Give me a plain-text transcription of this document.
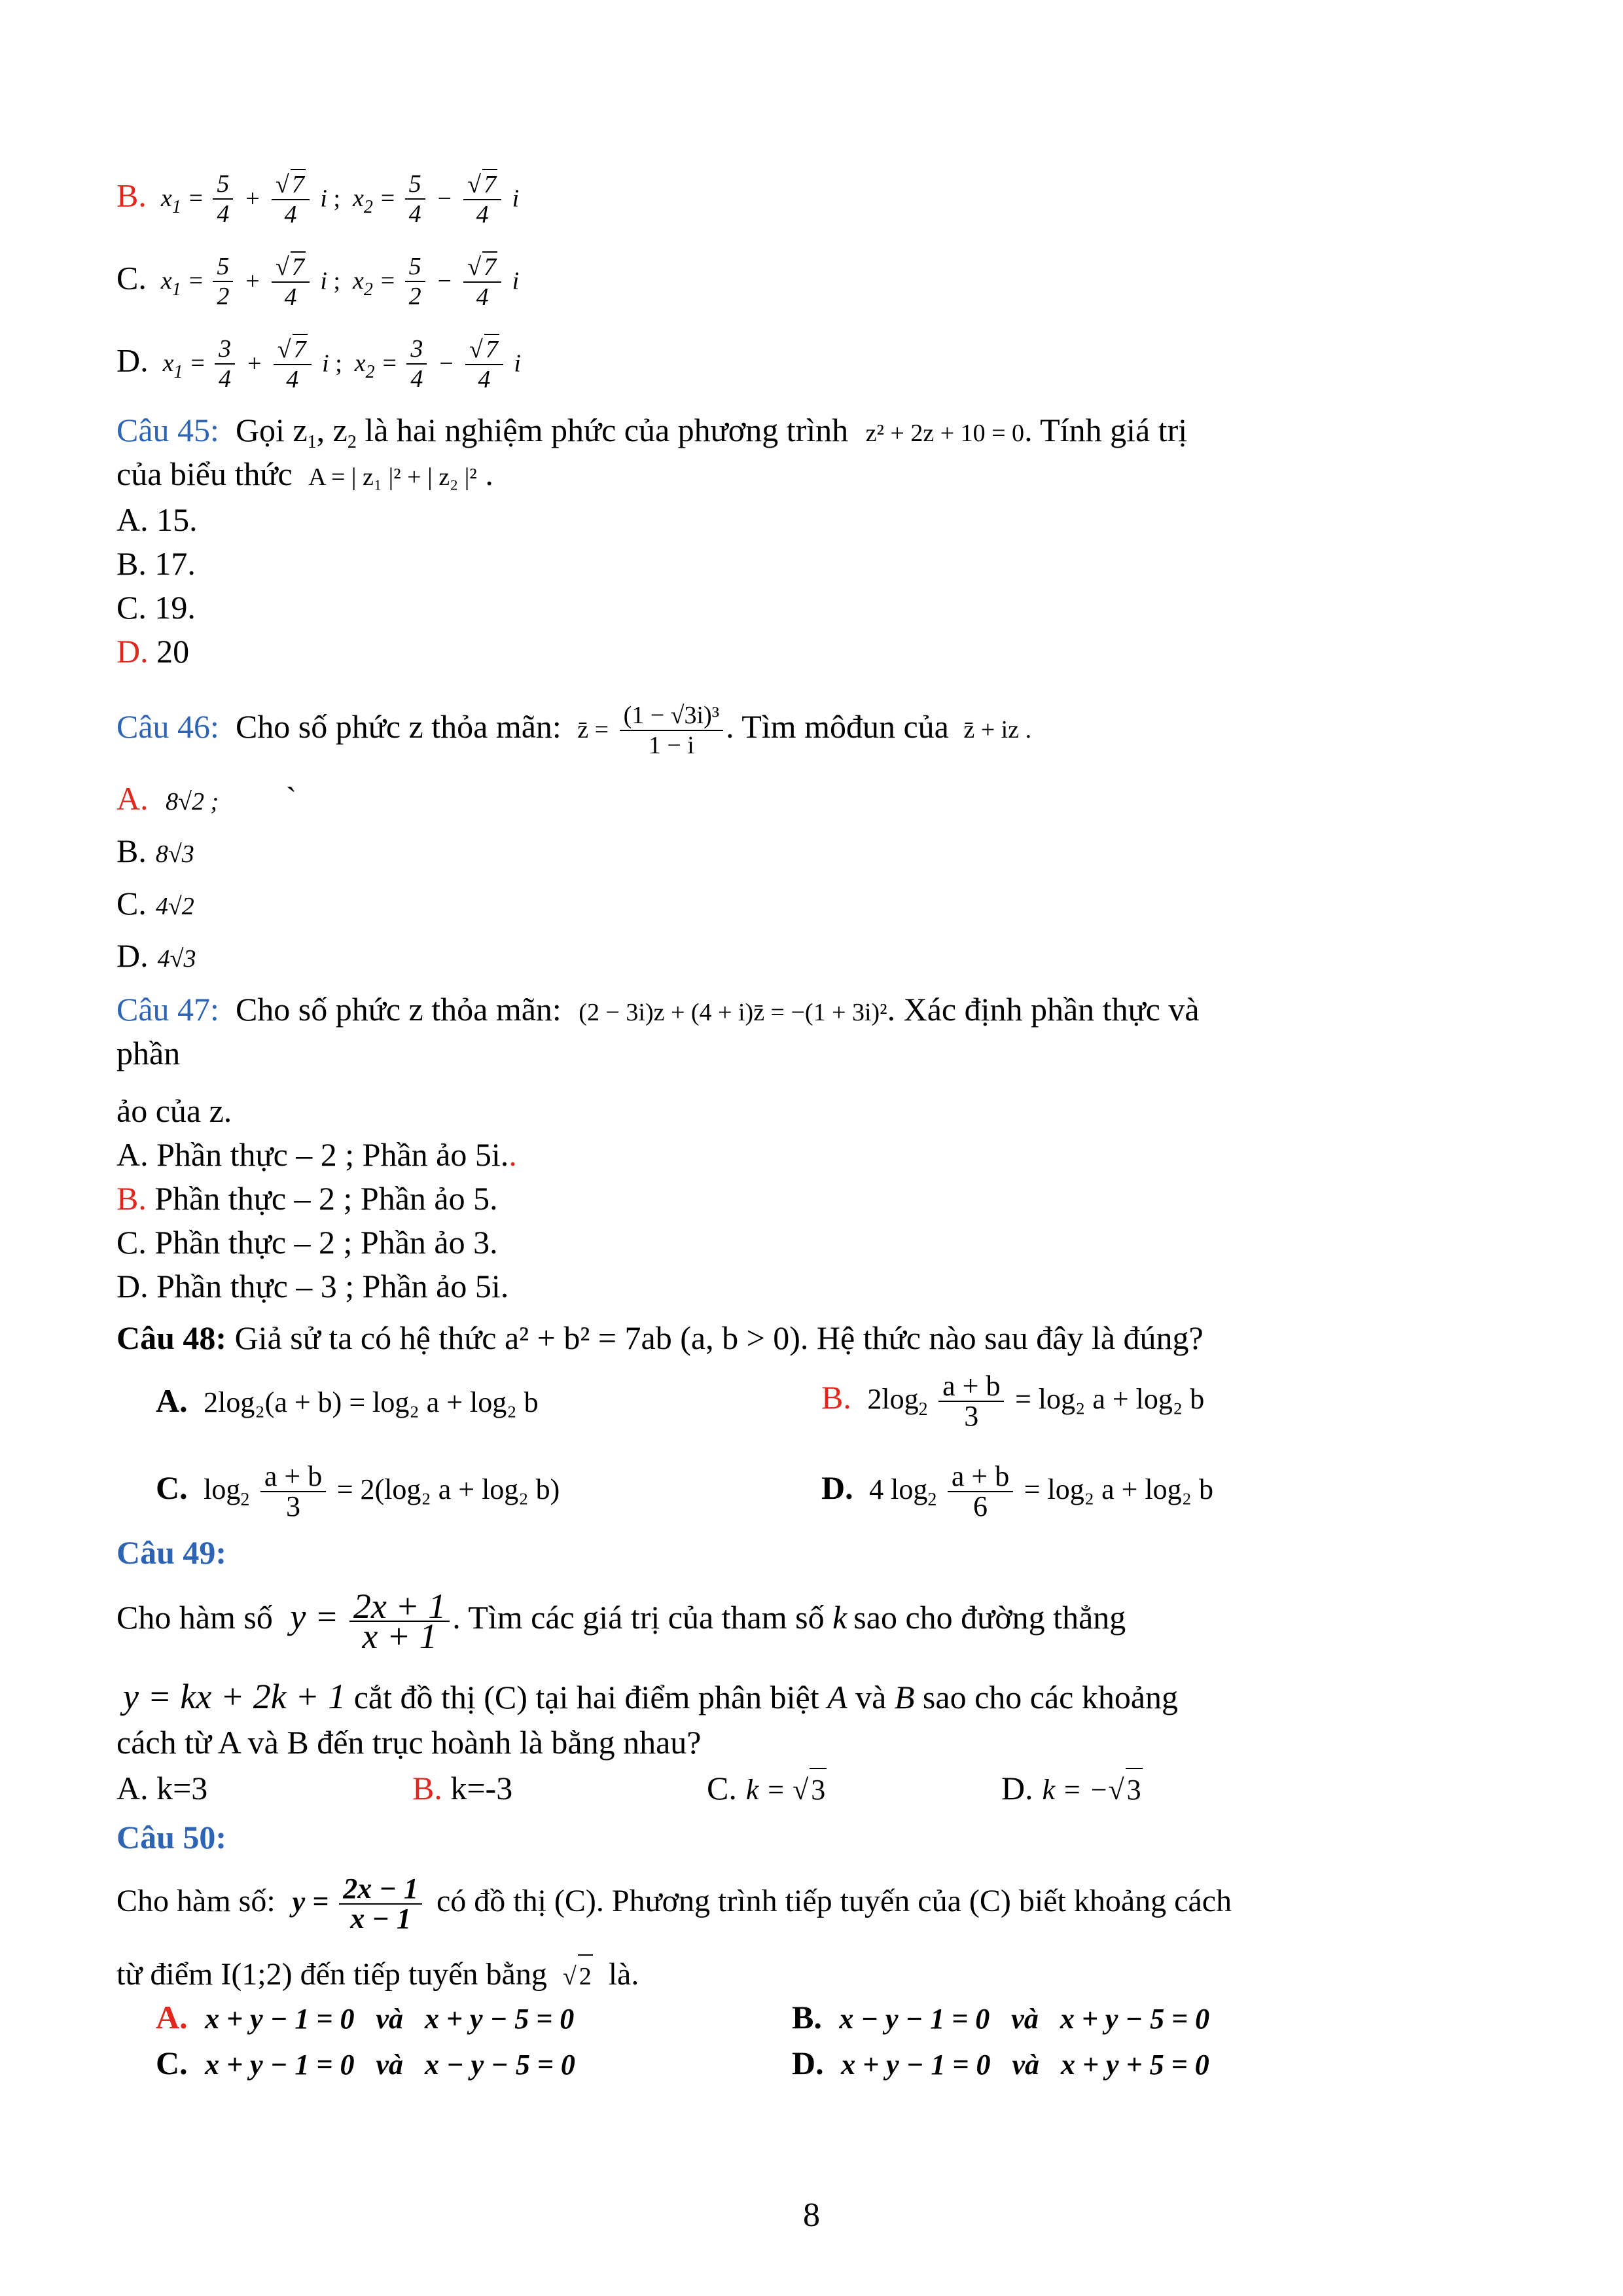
B.  $x_1 = \frac{5}{4} + \frac{√ 7}{4}$ i ;  $x_2 = \frac{5}{4} - \frac{√ 7}{4}$ i
C.  $x_1 = \frac{5}{2} + \frac{√ 7}{4}$ i ;  $x_2 = \frac{5}{2} - \frac{√ 7}{4}$ i
D.  $x_1 = \frac{3}{4} + \frac{√ 7}{4}$ i ;  $x_2 = \frac{3}{4} - \frac{√ 7}{4}$ i
Câu 45: Gọi $z_1$, $z_2$ là hai nghiệm phức của phương trình z² + 2z + 10 = 0. Tính giá trị
của biểu thức A = | z₁ |² + | z₂ |² .
A. 15.
B. 17.
C. 19.
D. 20
Câu 46: Cho số phức z thỏa mãn: z̄ = $\frac{\text{(1 − √3i)³}}{1 - i}$ . Tìm môđun của z̄ + iz .
A. 8√2 ; `
B. 8√3
C. 4√2
D. 4√3
Câu 47: Cho số phức z thỏa mãn: (2 − 3i)z + (4 + i)z̄ = −(1 + 3i)². Xác định phần thực và
phần
ảo của z.
A. Phần thực – 2 ; Phần ảo 5i..
B. Phần thực – 2 ; Phần ảo 5.
C. Phần thực – 2 ; Phần ảo 3.
D. Phần thực – 3 ; Phần ảo 5i.
Câu 48: Giả sử ta có hệ thức a² + b² = 7ab (a, b > 0). Hệ thức nào sau đây là đúng?
A. 2log₂(a + b) = log₂ a + log₂ b	B. $2\log_2 \frac{a + b}{3} = \log_2$ a + log₂ b
C. $\log_2 \frac{a + b}{3} = 2(\log_2$ a + log₂ b)	D. 4 $\log_2 \frac{a + b}{6} = \log_2$ a + log₂ b
Câu 49:
Cho hàm số $y = \frac{2x + 1}{x + 1}$ . Tìm các giá trị của tham số k sao cho đường thẳng
y = kx + 2k + 1 cắt đồ thị (C) tại hai điểm phân biệt A và B sao cho các khoảng
cách từ A và B đến trục hoành là bằng nhau?
A. k=3	B. k=-3	C. k = √3	D. k = −√3
Câu 50:
Cho hàm số: $y = \frac{2x - 1}{x - 1}$ có đồ thị (C). Phương trình tiếp tuyến của (C) biết khoảng cách
từ điểm I(1;2) đến tiếp tuyến bằng √ 2 là.
A. x + y − 1 = 0   và   x + y − 5 = 0	B. x − y − 1 = 0   và   x + y − 5 = 0
C. x + y − 1 = 0   và   x − y − 5 = 0	D. x + y − 1 = 0   và   x + y + 5 = 0
8
